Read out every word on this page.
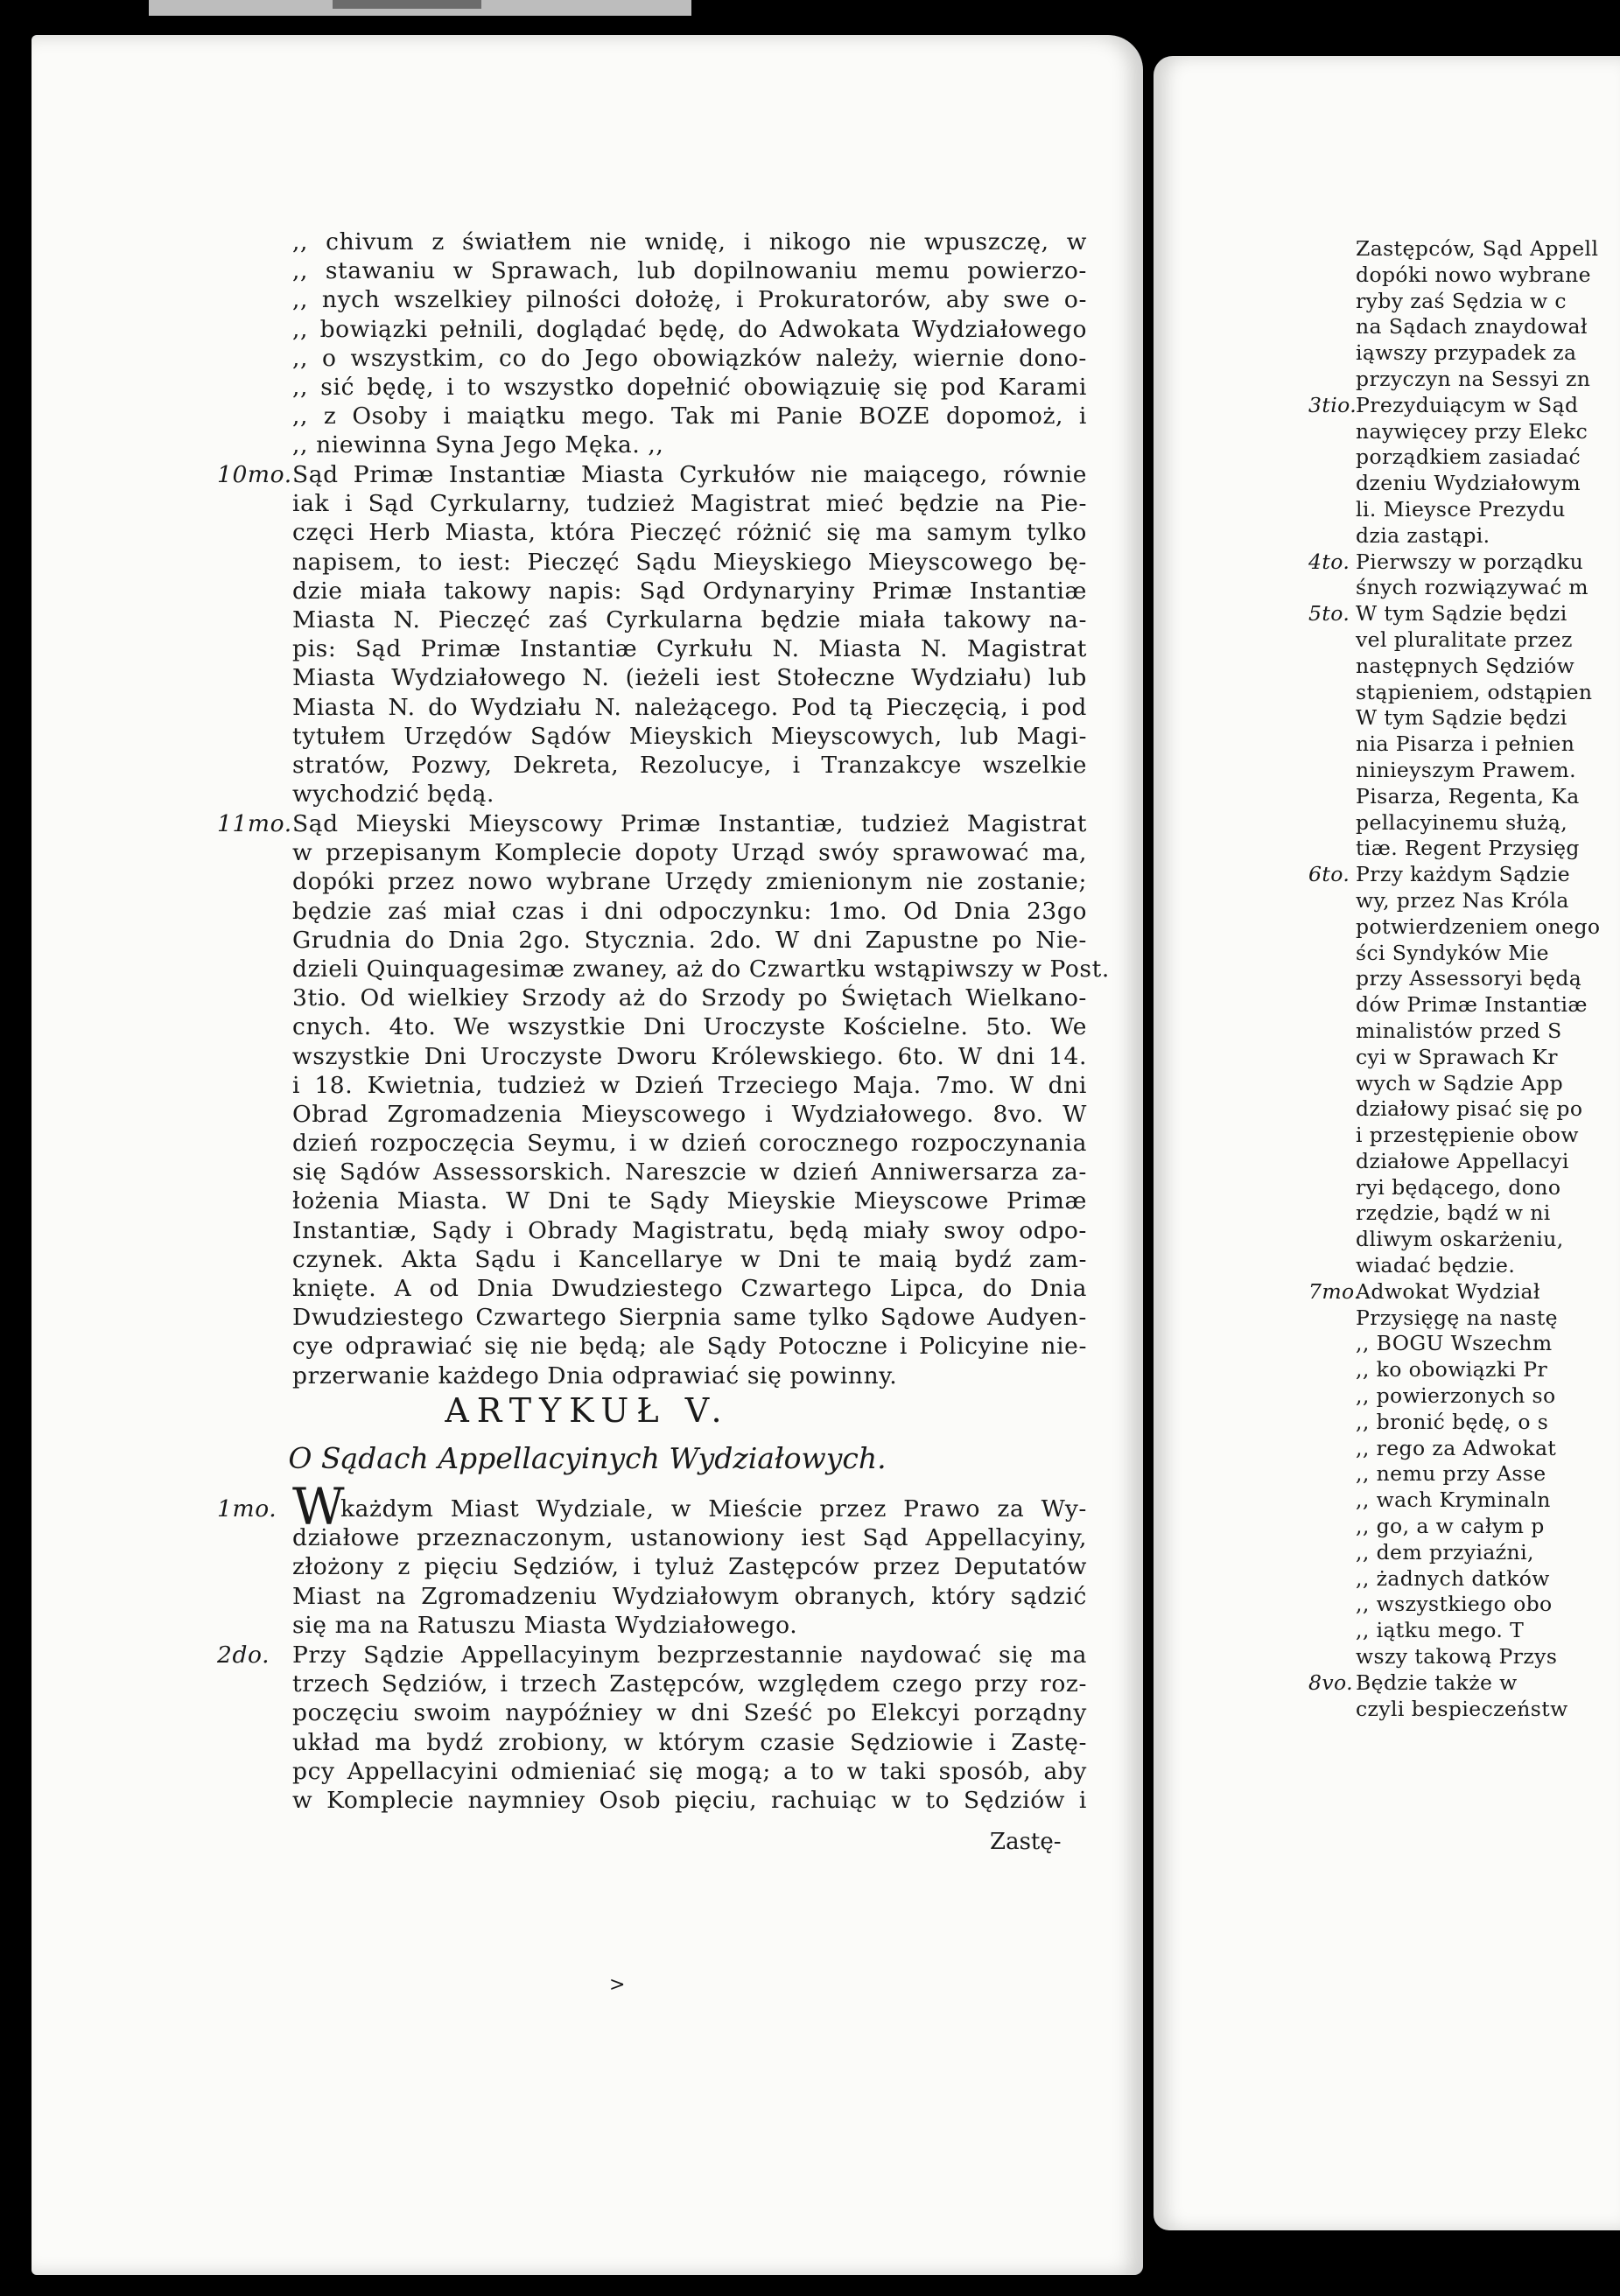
,, chivum z światłem nie wnidę, i nikogo nie wpuszczę, w
,, stawaniu w Sprawach, lub dopilnowaniu memu powierzo-
,, nych wszelkiey pilności dołożę, i Prokuratorów, aby swe o-
,, bowiązki pełnili, doglądać będę, do Adwokata Wydziałowego
,, o wszystkim, co do Jego obowiązków należy, wiernie dono-
,, sić będę, i to wszystko dopełnić obowiązuię się pod Karami
,, z Osoby i maiątku mego. Tak mi Panie BOZE dopomoż, i
,, niewinna Syna Jego Męka. ,,
10mo. Sąd Primæ Instantiæ Miasta Cyrkułów nie maiącego, równie
iak i Sąd Cyrkularny, tudzież Magistrat mieć będzie na Pie-
częci Herb Miasta, która Pieczęć różnić się ma samym tylko
napisem, to iest: Pieczęć Sądu Mieyskiego Mieyscowego bę-
dzie miała takowy napis: Sąd Ordynaryiny Primæ Instantiæ
Miasta N. Pieczęć zaś Cyrkularna będzie miała takowy na-
pis: Sąd Primæ Instantiæ Cyrkułu N. Miasta N. Magistrat
Miasta Wydziałowego N. (ieżeli iest Stołeczne Wydziału) lub
Miasta N. do Wydziału N. należącego. Pod tą Pieczęcią, i pod
tytułem Urzędów Sądów Mieyskich Mieyscowych, lub Magi-
stratów, Pozwy, Dekreta, Rezolucye, i Tranzakcye wszelkie
wychodzić będą.
11mo. Sąd Mieyski Mieyscowy Primæ Instantiæ, tudzież Magistrat
w przepisanym Komplecie dopoty Urząd swóy sprawować ma,
dopóki przez nowo wybrane Urzędy zmienionym nie zostanie;
będzie zaś miał czas i dni odpoczynku: 1mo. Od Dnia 23go
Grudnia do Dnia 2go. Stycznia. 2do. W dni Zapustne po Nie-
dzieli Quinquagesimæ zwaney, aż do Czwartku wstąpiwszy w Post.
3tio. Od wielkiey Srzody aż do Srzody po Świętach Wielkano-
cnych. 4to. We wszystkie Dni Uroczyste Kościelne. 5to. We
wszystkie Dni Uroczyste Dworu Królewskiego. 6to. W dni 14.
i 18. Kwietnia, tudzież w Dzień Trzeciego Maja. 7mo. W dni
Obrad Zgromadzenia Mieyscowego i Wydziałowego. 8vo. W
dzień rozpoczęcia Seymu, i w dzień corocznego rozpoczynania
się Sądów Assessorskich. Nareszcie w dzień Anniwersarza za-
łożenia Miasta. W Dni te Sądy Mieyskie Mieyscowe Primæ
Instantiæ, Sądy i Obrady Magistratu, będą miały swoy odpo-
czynek. Akta Sądu i Kancellarye w Dni te maią bydź zam-
knięte. A od Dnia Dwudziestego Czwartego Lipca, do Dnia
Dwudziestego Czwartego Sierpnia same tylko Sądowe Audyen-
cye odprawiać się nie będą; ale Sądy Potoczne i Policyine nie-
przerwanie każdego Dnia odprawiać się powinny.
ARTYKUŁ V.
O Sądach Appellacyinych Wydziałowych.
1mo. W
każdym Miast Wydziale, w Mieście przez Prawo za Wy-
działowe przeznaczonym, ustanowiony iest Sąd Appellacyiny,
złożony z pięciu Sędziów, i tyluż Zastępców przez Deputatów
Miast na Zgromadzeniu Wydziałowym obranych, który sądzić
się ma na Ratuszu Miasta Wydziałowego.
2do. Przy Sądzie Appellacyinym bezprzestannie naydować się ma
trzech Sędziów, i trzech Zastępców, względem czego przy roz-
poczęciu swoim naypóźniey w dni Sześć po Elekcyi porządny
układ ma bydź zrobiony, w którym czasie Sędziowie i Zastę-
pcy Appellacyini odmieniać się mogą; a to w taki sposób, aby
w Komplecie naymniey Osob pięciu, rachuiąc w to Sędziów i
Zastę-
>
Zastępców, Sąd Appell
dopóki nowo wybrane
ryby zaś Sędzia w c
na Sądach znaydował
iąwszy przypadek za
przyczyn na Sessyi zn
3tio.
Prezyduiącym w Sąd
naywięcey przy Elekc
porządkiem zasiadać
dzeniu Wydziałowym
li. Mieysce Prezydu
dzia zastąpi.
4to. Pierwszy w porządku
śnych rozwiązywać m
5to. W tym Sądzie będzi
vel pluralitate przez
następnych Sędziów
stąpieniem, odstąpien
W tym Sądzie będzi
nia Pisarza i pełnien
ninieyszym Prawem.
Pisarza, Regenta, Ka
pellacyinemu służą,
tiæ. Regent Przysięg
6to. Przy każdym Sądzie
wy, przez Nas Króla
potwierdzeniem onego
ści Syndyków Mie
przy Assessoryi będą
dów Primæ Instantiæ
minalistów przed S
cyi w Sprawach Kr
wych w Sądzie App
działowy pisać się po
i przestępienie obow
działowe Appellacyi
ryi będącego, dono
rzędzie, bądź w ni
dliwym oskarżeniu,
wiadać będzie.
7mo.
Adwokat Wydział
Przysięgę na nastę
,, BOGU Wszechm
,, ko obowiązki Pr
,, powierzonych so
,, bronić będę, o s
,, rego za Adwokat
,, nemu przy Asse
,, wach Kryminaln
,, go, a w całym p
,, dem przyiaźni,
,, żadnych datków
,, wszystkiego obo
,, iątku mego. T
wszy takową Przys
8vo. Będzie także w
czyli bespieczeństw
